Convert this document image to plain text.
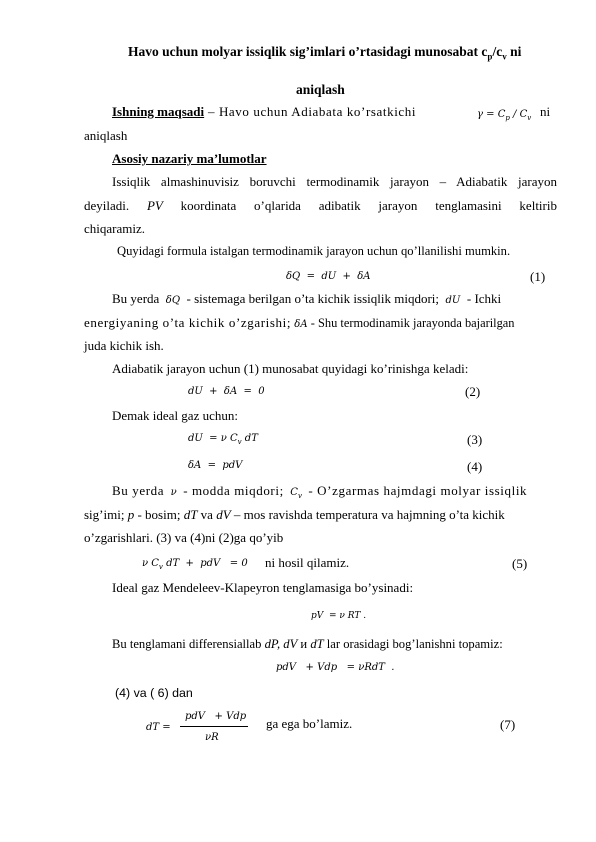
Havo uchun molyar issiqlik sig’imlari o’rtasidagi munosabat $c_p/c_v$ ni
aniqlash
Ishning maqsadi – Havo uchun Adiabata ko’rsatkichi	$\gamma = C_p / C_v$ ni
aniqlash
Asosiy nazariy ma’lumotlar
Issiqlik almashinuvisiz boruvchi termodinamik jarayon – Adiabatik jarayon
deyiladi. PV koordinata o’qlarida adibatik jarayon tenglamasini keltirib
chiqaramiz.
Quyidagi formula istalgan termodinamik jarayon uchun qo’llanilishi mumkin.
δQ  =  dU  +  δA	(1)
Bu yerda δQ - sistemaga berilgan o’ta kichik issiqlik miqdori; dU - Ichki
energiyaning o’ta kichik o’zgarishi; δA - Shu termodinamik jarayonda bajarilgan
juda kichik ish.
Adiabatik jarayon uchun (1) munosabat quyidagi ko’rinishga keladi:
dU  +  δA  =  0	(2)
Demak ideal gaz uchun:
dU  = ν $C_v$ dT	(3)
δA  =  pdV	(4)
Bu yerda ν - modda miqdori; $C_v$ - O’zgarmas hajmdagi molyar issiqlik
sig’imi; p - bosim; dT va dV – mos ravishda temperatura va hajmning o’ta kichik
o’zgarishlari. (3) va (4)ni (2)ga qo’yib
ν $C_v$ dT  +  pdV   = 0 ni hosil qilamiz.	(5)
Ideal gaz Mendeleev-Klapeyron tenglamasiga bo’ysinadi:
pV  = ν RT .
Bu tenglamani differensiallab dP, dV и dT lar orasidagi bog’lanishni topamiz:
pdV   + Vdp   = νRdT  .
(4) va ( 6) dan
dT =
pdV   + Vdp
νR
ga ega bo’lamiz.	(7)
